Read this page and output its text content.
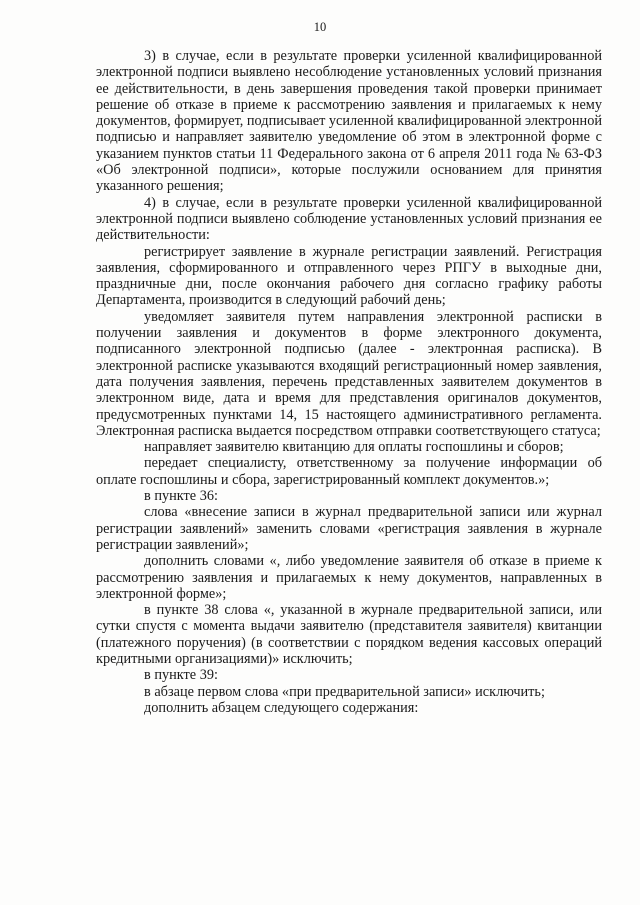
10

3) в случае, если в результате проверки усиленной квалифицированной электронной подписи выявлено несоблюдение установленных условий признания ее действительности, в день завершения проведения такой проверки принимает решение об отказе в приеме к рассмотрению заявления и прилагаемых к нему документов, формирует, подписывает усиленной квалифицированной электронной подписью и направляет заявителю уведомление об этом в электронной форме с указанием пунктов статьи 11 Федерального закона от 6 апреля 2011 года № 63-ФЗ «Об электронной подписи», которые послужили основанием для принятия указанного решения;

4) в случае, если в результате проверки усиленной квалифицированной электронной подписи выявлено соблюдение установленных условий признания ее действительности:

регистрирует заявление в журнале регистрации заявлений. Регистрация заявления, сформированного и отправленного через РПГУ в выходные дни, праздничные дни, после окончания рабочего дня согласно графику работы Департамента, производится в следующий рабочий день;

уведомляет заявителя путем направления электронной расписки в получении заявления и документов в форме электронного документа, подписанного электронной подписью (далее - электронная расписка). В электронной расписке указываются входящий регистрационный номер заявления, дата получения заявления, перечень представленных заявителем документов в электронном виде, дата и время для представления оригиналов документов, предусмотренных пунктами 14, 15 настоящего административного регламента. Электронная расписка выдается посредством отправки соответствующего статуса;

направляет заявителю квитанцию для оплаты госпошлины и сборов;

передает специалисту, ответственному за получение информации об оплате госпошлины и сбора, зарегистрированный комплект документов.»;

в пункте 36:

слова «внесение записи в журнал предварительной записи или журнал регистрации заявлений» заменить словами «регистрация заявления в журнале регистрации заявлений»;

дополнить словами «, либо уведомление заявителя об отказе в приеме к рассмотрению заявления и прилагаемых к нему документов, направленных в электронной форме»;

в пункте 38 слова «, указанной в журнале предварительной записи, или сутки спустя с момента выдачи заявителю (представителя заявителя) квитанции (платежного поручения) (в соответствии с порядком ведения кассовых операций кредитными организациями)» исключить;

в пункте 39:

в абзаце первом слова «при предварительной записи» исключить;

дополнить абзацем следующего содержания:
